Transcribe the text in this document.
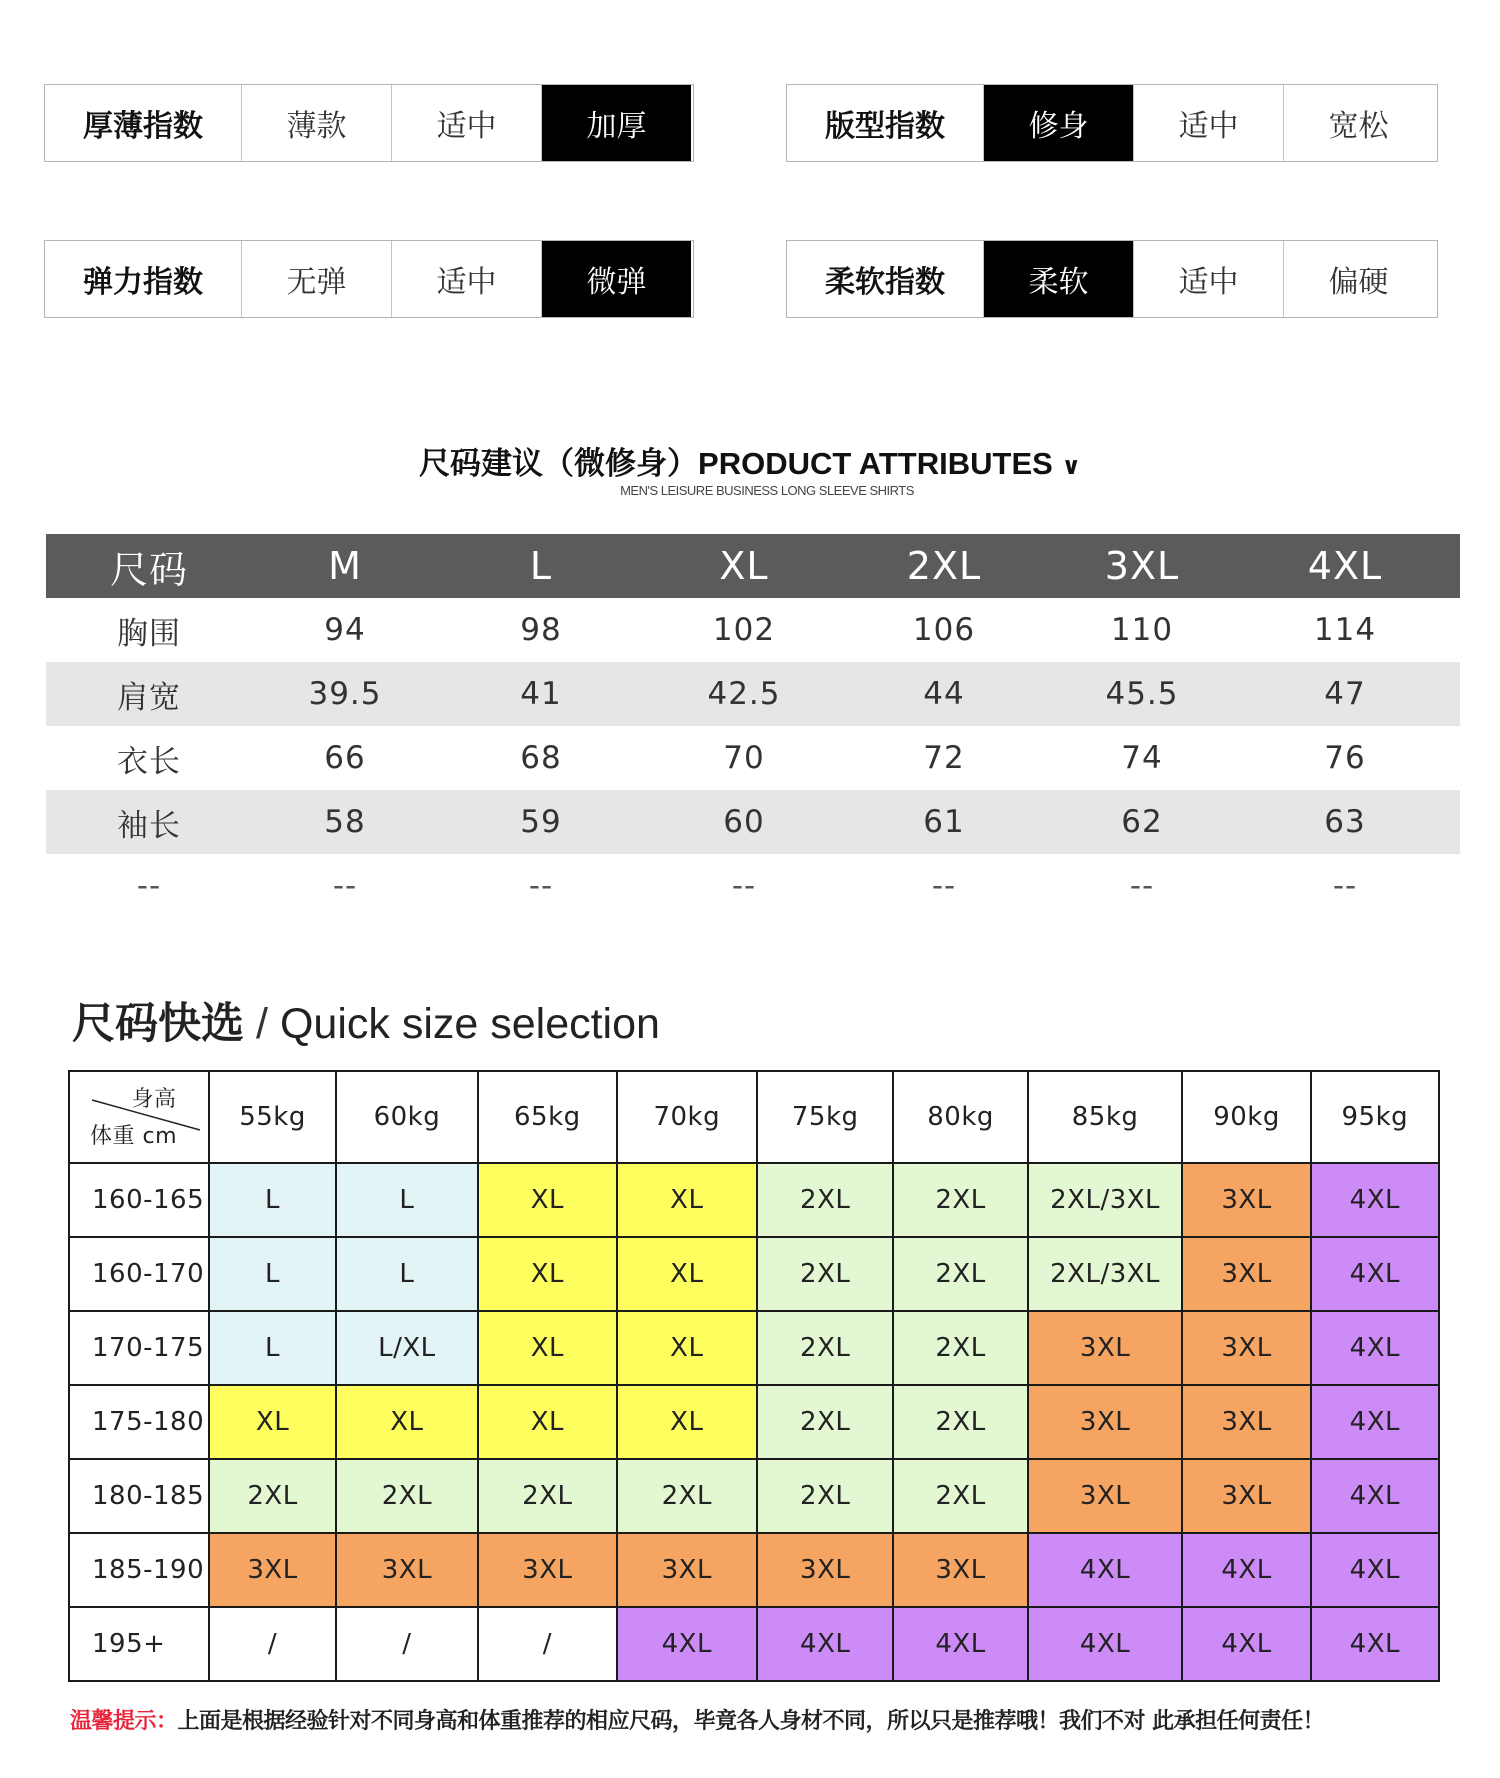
厚薄指数	薄款	适中	加厚	版型指数	修身	适中	宽松
弹力指数	无弹	适中	微弹	柔软指数	柔软	适中	偏硬
尺码建议（微修身）PRODUCT ATTRIBUTES ∨
MEN'S LEISURE BUSINESS LONG SLEEVE SHIRTS
尺码	M	L	XL	2XL	3XL	4XL
胸围	94	98	102	106	110	114
肩宽	39.5	41	42.5	44	45.5	47
衣长	66	68	70	72	74	76
袖长	58	59	60	61	62	63
--	--	--	--	--	--	--
尺码快选 / Quick size selection
身高
体重 cm	55kg	60kg	65kg	70kg	75kg	80kg	85kg	90kg	95kg
160-165	L	L	XL	XL	2XL	2XL	2XL/3XL	3XL	4XL
160-170	L	L	XL	XL	2XL	2XL	2XL/3XL	3XL	4XL
170-175	L	L/XL	XL	XL	2XL	2XL	3XL	3XL	4XL
175-180	XL	XL	XL	XL	2XL	2XL	3XL	3XL	4XL
180-185	2XL	2XL	2XL	2XL	2XL	2XL	3XL	3XL	4XL
185-190	3XL	3XL	3XL	3XL	3XL	3XL	4XL	4XL	4XL
195+	/	/	/	4XL	4XL	4XL	4XL	4XL	4XL
温馨提示：上面是根据经验针对不同身高和体重推荐的相应尺码，毕竟各人身材不同，所以只是推荐哦！我们不对 此承担任何责任！
